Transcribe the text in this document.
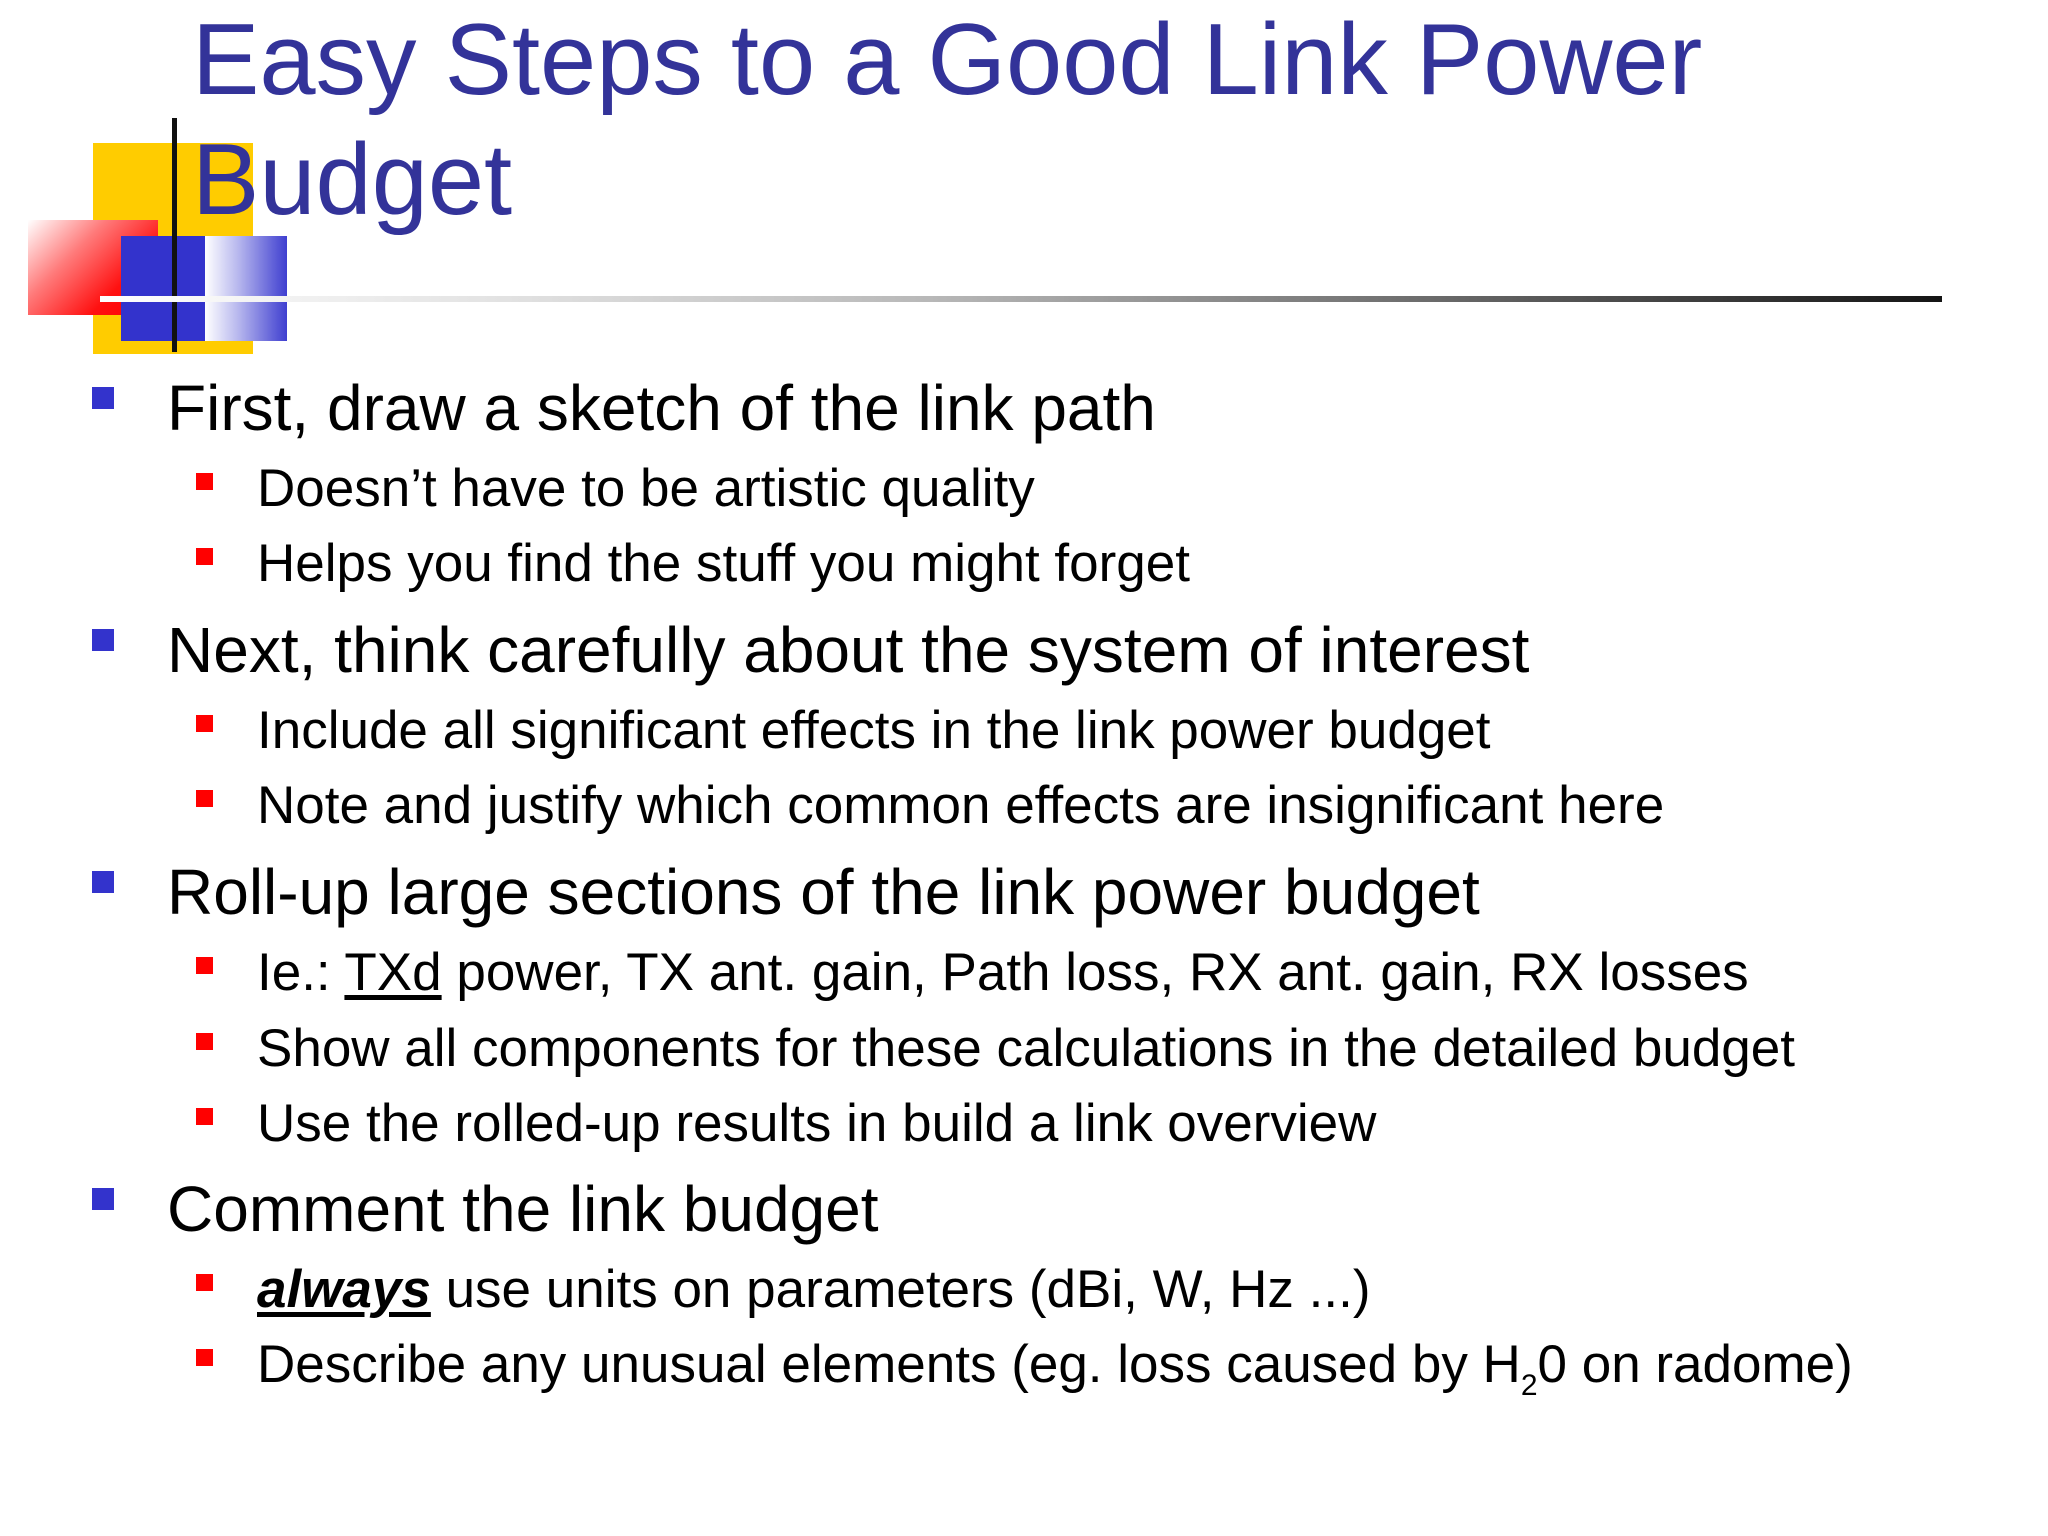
Easy Steps to a Good Link Power Budget
First, draw a sketch of the link path
Doesn’t have to be artistic quality
Helps you find the stuff you might forget
Next, think carefully about the system of interest
Include all significant effects in the link power budget
Note and justify which common effects are insignificant here
Roll-up large sections of the link power budget
Ie.: TXd power, TX ant. gain, Path loss, RX ant. gain, RX losses
Show all components for these calculations in the detailed budget
Use the rolled-up results in build a link overview
Comment the link budget
always use units on parameters (dBi, W, Hz ...)
Describe any unusual elements (eg. loss caused by $H_20$ on radome)
